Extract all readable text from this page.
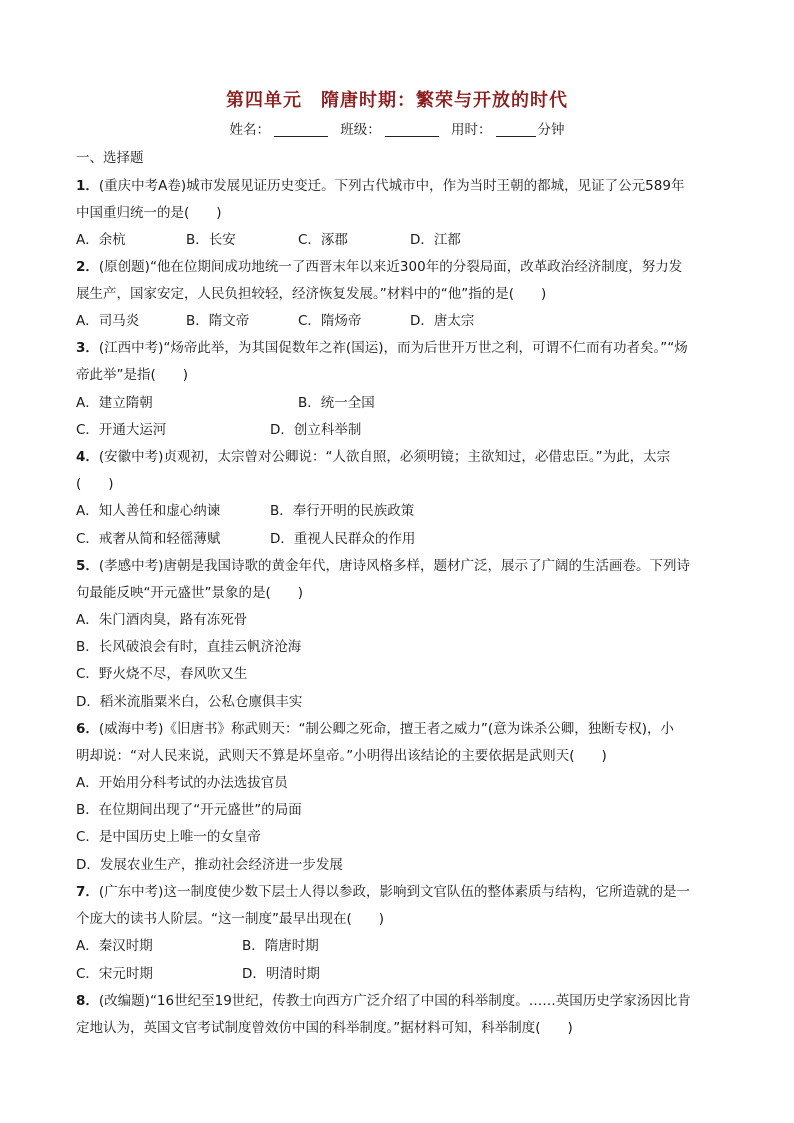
第四单元　隋唐时期：繁荣与开放的时代
姓名：	班级：	用时：	分钟
一、选择题
1．(重庆中考A卷)城市发展见证历史变迁。下列古代城市中，作为当时王朝的都城，见证了公元589年
中国重归统一的是(　　)
A．余杭	B．长安	C．涿郡	D．江都
2．(原创题)“他在位期间成功地统一了西晋末年以来近300年的分裂局面，改革政治经济制度，努力发
展生产，国家安定，人民负担较轻，经济恢复发展。”材料中的“他”指的是(　　)
A．司马炎	B．隋文帝	C．隋炀帝	D．唐太宗
3．(江西中考)“炀帝此举，为其国促数年之祚(国运)，而为后世开万世之利，可谓不仁而有功者矣。”“炀
帝此举”是指(　　)
A．建立隋朝	B．统一全国
C．开通大运河	D．创立科举制
4．(安徽中考)贞观初，太宗曾对公卿说：“人欲自照，必须明镜；主欲知过，必借忠臣。”为此，太宗
(　　)
A．知人善任和虚心纳谏	B．奉行开明的民族政策
C．戒奢从简和轻徭薄赋	D．重视人民群众的作用
5．(孝感中考)唐朝是我国诗歌的黄金年代，唐诗风格多样，题材广泛，展示了广阔的生活画卷。下列诗
句最能反映“开元盛世”景象的是(　　)
A．朱门酒肉臭，路有冻死骨
B．长风破浪会有时，直挂云帆济沧海
C．野火烧不尽，春风吹又生
D．稻米流脂粟米白，公私仓廪俱丰实
6．(威海中考)《旧唐书》称武则天：“制公卿之死命，擅王者之威力”(意为诛杀公卿，独断专权)，小
明却说：“对人民来说，武则天不算是坏皇帝。”小明得出该结论的主要依据是武则天(　　)
A．开始用分科考试的办法选拔官员
B．在位期间出现了“开元盛世”的局面
C．是中国历史上唯一的女皇帝
D．发展农业生产，推动社会经济进一步发展
7．(广东中考)这一制度使少数下层士人得以参政，影响到文官队伍的整体素质与结构，它所造就的是一
个庞大的读书人阶层。“这一制度”最早出现在(　　)
A．秦汉时期	B．隋唐时期
C．宋元时期	D．明清时期
8．(改编题)“16世纪至19世纪，传教士向西方广泛介绍了中国的科举制度。……英国历史学家汤因比肯
定地认为，英国文官考试制度曾效仿中国的科举制度。”据材料可知，科举制度(　　)
